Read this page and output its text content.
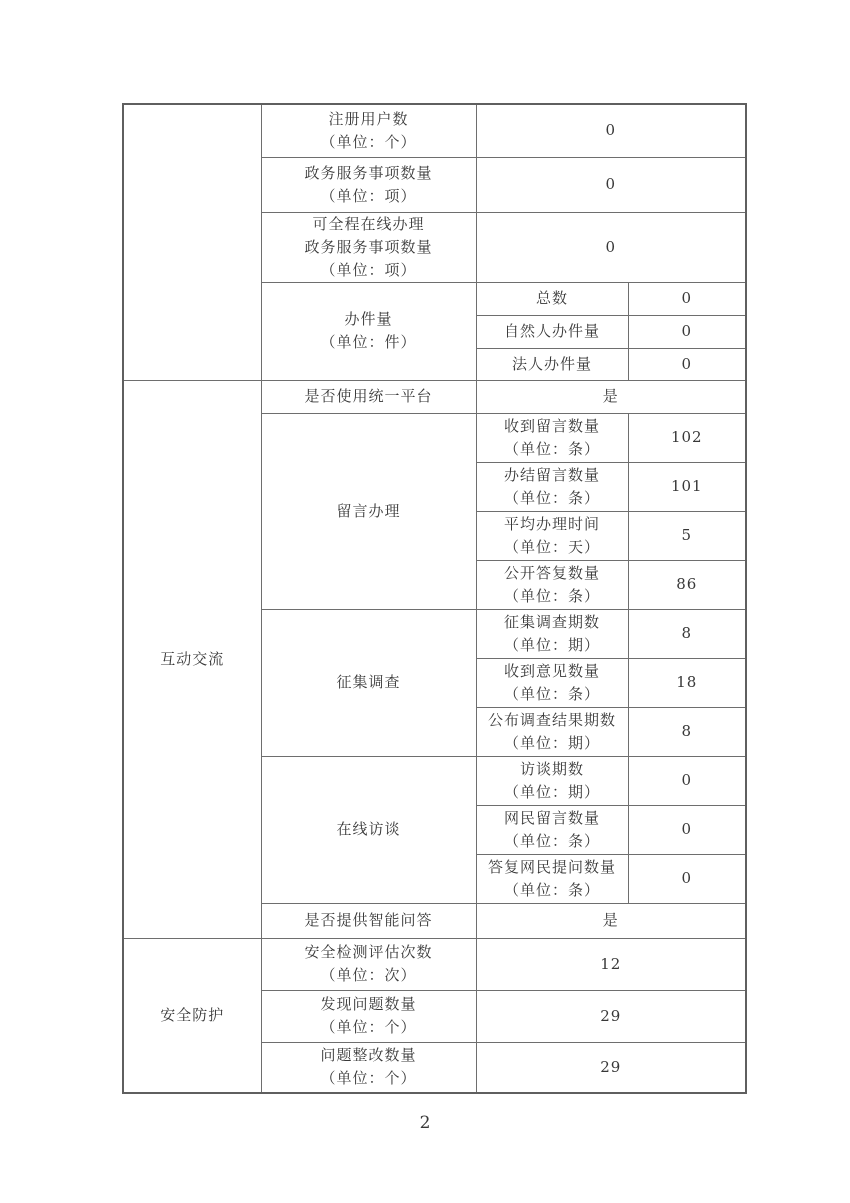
	注册用户数
（单位：个）	0	

	政务服务事项数量
（单位：项）	0	

	可全程在线办理
政务服务事项数量
（单位：项）	0	

	办件量
（单位：件）	总数	0

		自然人办件量	0

		法人办件量	0
互动交流	是否使用统一平台	是	

	留言办理	收到留言数量
（单位：条）	102

		办结留言数量
（单位：条）	101

		平均办理时间
（单位：天）	5

		公开答复数量
（单位：条）	86

	征集调查	征集调查期数
（单位：期）	8

		收到意见数量
（单位：条）	18

		公布调查结果期数
（单位：期）	8

	在线访谈	访谈期数
（单位：期）	0

		网民留言数量
（单位：条）	0

		答复网民提问数量
（单位：条）	0

	是否提供智能问答	是	
安全防护	安全检测评估次数
（单位：次）	12	

	发现问题数量
（单位：个）	29	

	问题整改数量
（单位：个）	29	
2
